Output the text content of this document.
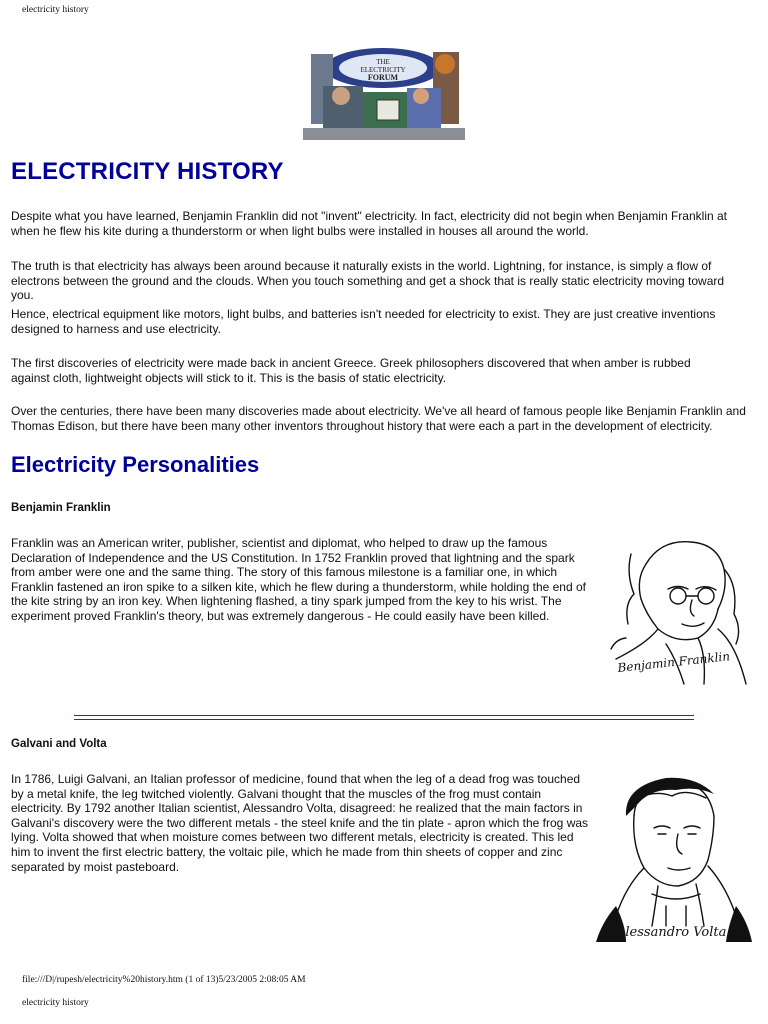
electricity history
THE
ELECTRICITY
FORUM
ELECTRICITY HISTORY

Despite what you have learned, Benjamin Franklin did not "invent" electricity. In fact, electricity did not begin when Benjamin Franklin at when he flew his kite during a thunderstorm or when light bulbs were installed in houses all around the world.

The truth is that electricity has always been around because it naturally exists in the world. Lightning, for instance, is simply a flow of electrons between the ground and the clouds. When you touch something and get a shock that is really static electricity moving toward you.

Hence, electrical equipment like motors, light bulbs, and batteries isn't needed for electricity to exist. They are just creative inventions designed to harness and use electricity.

The first discoveries of electricity were made back in ancient Greece. Greek philosophers discovered that when amber is rubbed against cloth, lightweight objects will stick to it. This is the basis of static electricity.

Over the centuries, there have been many discoveries made about electricity. We've all heard of famous people like Benjamin Franklin and Thomas Edison, but there have been many other inventors throughout history that were each a part in the development of electricity.

Electricity Personalities
Benjamin Franklin

Franklin was an American writer, publisher, scientist and diplomat, who helped to draw up the famous Declaration of Independence and the US Constitution. In 1752 Franklin proved that lightning and the spark from amber were one and the same thing. The story of this famous milestone is a familiar one, in which Franklin fastened an iron spike to a silken kite, which he flew during a thunderstorm, while holding the end of the kite string by an iron key. When lightening flashed, a tiny spark jumped from the key to his wrist. The experiment proved Franklin's theory, but was extremely dangerous - He could easily have been killed.

Benjamin Franklin
Galvani and Volta

In 1786, Luigi Galvani, an Italian professor of medicine, found that when the leg of a dead frog was touched by a metal knife, the leg twitched violently. Galvani thought that the muscles of the frog must contain electricity. By 1792 another Italian scientist, Alessandro Volta, disagreed: he realized that the main factors in Galvani's discovery were the two different metals - the steel knife and the tin plate - apron which the frog was lying. Volta showed that when moisture comes between two different metals, electricity is created. This led him to invent the first electric battery, the voltaic pile, which he made from thin sheets of copper and zinc separated by moist pasteboard.

Alessandro Volta
file:///D|/rupesh/electricity%20history.htm (1 of 13)5/23/2005 2:08:05 AM
electricity history
